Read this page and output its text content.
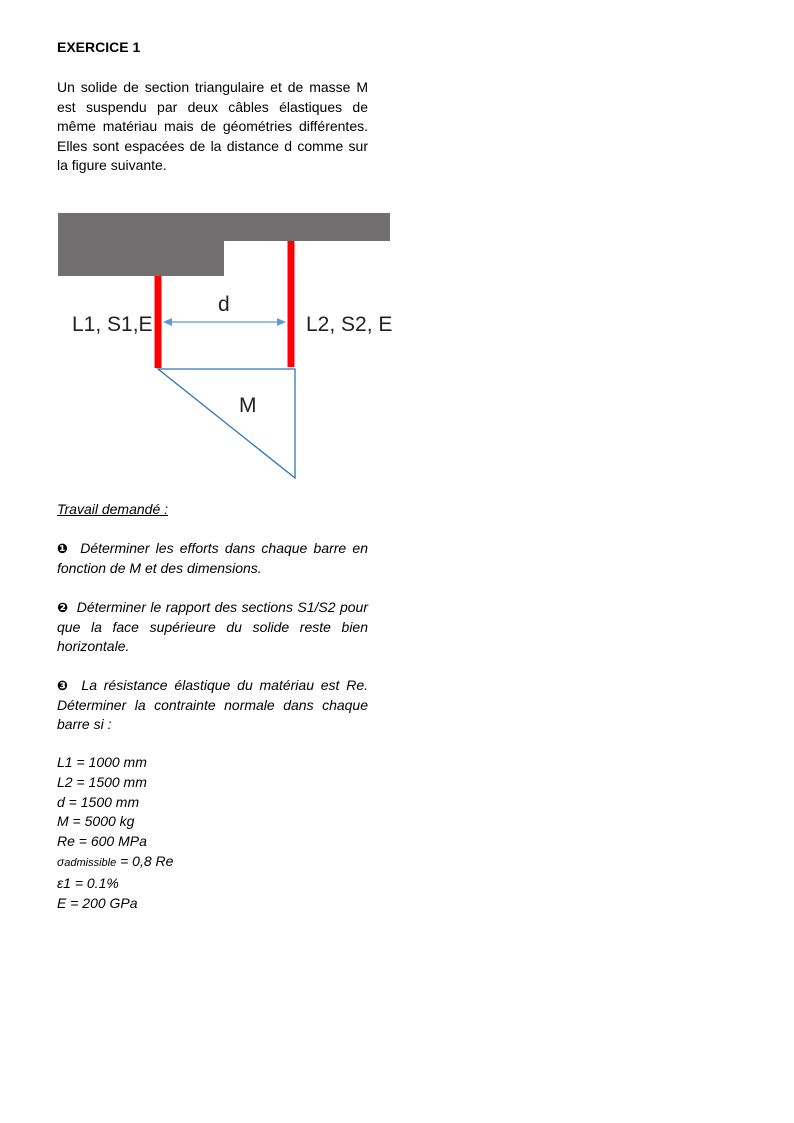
EXERCICE 1

Un solide de section triangulaire et de masse M est suspendu par deux câbles élastiques de même matériau mais de géométries différentes. Elles sont espacées de la distance d comme sur la figure suivante.

L1, S1,E	L2, S2, E
d
M

Travail demandé :

❶ Déterminer les efforts dans chaque barre en fonction de M et des dimensions.

❷ Déterminer le rapport des sections S1/S2 pour que la face supérieure du solide reste bien horizontale.

❸ La résistance élastique du matériau est Re. Déterminer la contrainte normale dans chaque barre si :

L1 = 1000 mm
L2 = 1500 mm
d = 1500 mm
M = 5000 kg
Re = 600 MPa
σadmissible = 0,8 Re
ε1 = 0.1%
E = 200 GPa
